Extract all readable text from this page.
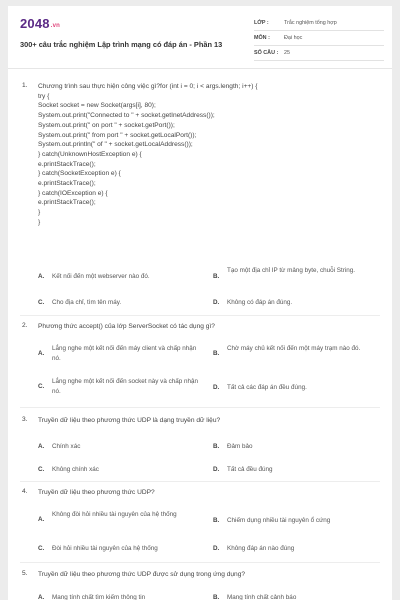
2048.vn
300+ câu trắc nghiệm Lập trình mạng có đáp án - Phần 13
LỚP :	Trắc nghiệm tổng hợp
MÔN :	Đại học
SỐ CÂU : 25
1. Chương trình sau thực hiện công việc gì?for (int i = 0; i < args.length; i++) {
try {
Socket socket = new Socket(args[i], 80);
System.out.print("Connected to " + socket.getInetAddress());
System.out.print(" on port " + socket.getPort());
System.out.print(" from port " + socket.getLocalPort());
System.out.println(" of " + socket.getLocalAddress());
} catch(UnknownHostException e) {
e.printStackTrace();
} catch(SocketException e) {
e.printStackTrace();
} catch(IOException e) {
e.printStackTrace();
}
}
A. Kết nối đến một webserver nào đó.	B.
Tạo một địa chỉ IP từ mảng byte, chuỗi String.
C. Cho địa chỉ, tìm tên máy.	D. Không có đáp án đúng.
2. Phương thức accept() của lớp ServerSocket có tác dụng gì?
A.
Lắng nghe một kết nối đến máy client và chấp nhận nó.
B.
Chờ máy chủ kết nối đến một máy trạm nào đó.
C.
Lắng nghe một kết nối đến socket này và chấp nhận nó.
D. Tất cả các đáp án đều đúng.
3. Truyền dữ liệu theo phương thức UDP là dạng truyền dữ liệu?
A. Chính xác	B. Đảm bảo
C. Không chính xác	D. Tất cả đều đúng
4. Truyền dữ liệu theo phương thức UDP?
A.
Không đòi hỏi nhiều tài nguyên của hệ thống
B. Chiếm dụng nhiều tài nguyên ổ cứng
C. Đòi hỏi nhiều tài nguyên của hệ thống	D. Không đáp án nào đúng
5. Truyền dữ liệu theo phương thức UDP được sử dụng trong ứng dụng?
A. Mang tính chất tìm kiếm thông tin	B. Mang tính chất cảnh báo
